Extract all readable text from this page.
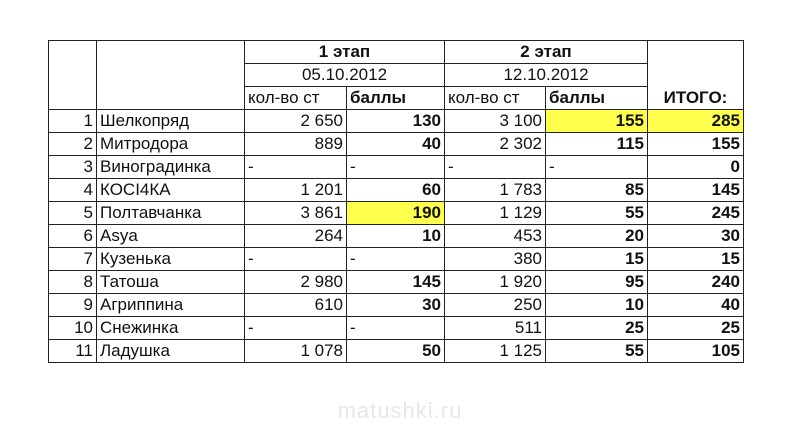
		1 этап		2 этап		
		05.10.2012		12.10.2012		
		кол-во ст	баллы	кол-во ст	баллы	ИТОГО:
1	Шелкопряд	2 650	130	3 100	155	285
2	Митродора	889	40	2 302	115	155
3	Виноградинка	-	-	-	-	0
4	КОСІ4КА	1 201	60	1 783	85	145
5	Полтавчанка	3 861	190	1 129	55	245
6	Asya	264	10	453	20	30
7	Кузенька	-	-	380	15	15
8	Татоша	2 980	145	1 920	95	240
9	Агриппина	610	30	250	10	40
10	Снежинка	-	-	511	25	25
11	Ладушка	1 078	50	1 125	55	105
matushki.ru
